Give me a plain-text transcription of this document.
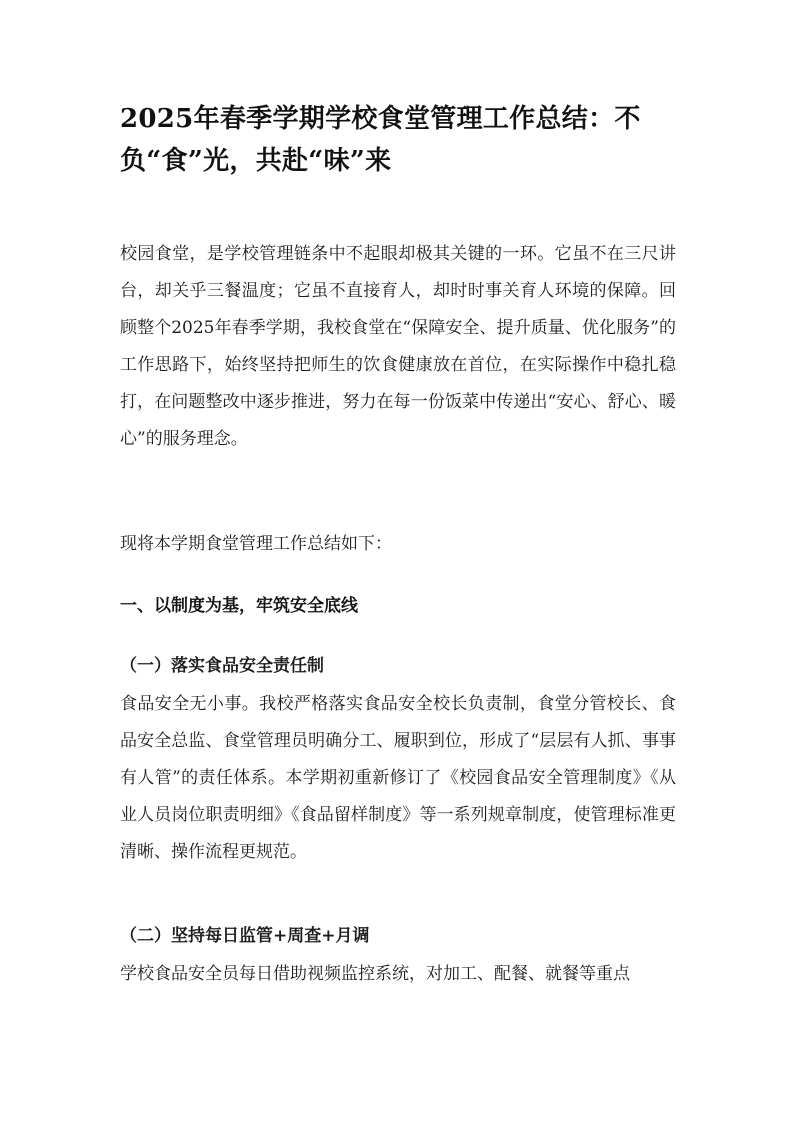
2025年春季学期学校食堂管理工作总结：不负“食”光，共赴“味”来

校园食堂，是学校管理链条中不起眼却极其关键的一环。它虽不在三尺讲台，却关乎三餐温度；它虽不直接育人，却时时事关育人环境的保障。回顾整个2025年春季学期，我校食堂在“保障安全、提升质量、优化服务”的工作思路下，始终坚持把师生的饮食健康放在首位，在实际操作中稳扎稳打，在问题整改中逐步推进，努力在每一份饭菜中传递出“安心、舒心、暖心”的服务理念。

现将本学期食堂管理工作总结如下：

一、以制度为基，牢筑安全底线
（一）落实食品安全责任制

食品安全无小事。我校严格落实食品安全校长负责制，食堂分管校长、食品安全总监、食堂管理员明确分工、履职到位，形成了“层层有人抓、事事有人管”的责任体系。本学期初重新修订了《校园食品安全管理制度》《从业人员岗位职责明细》《食品留样制度》等一系列规章制度，使管理标准更清晰、操作流程更规范。

（二）坚持每日监管+周查+月调

学校食品安全员每日借助视频监控系统，对加工、配餐、就餐等重点
